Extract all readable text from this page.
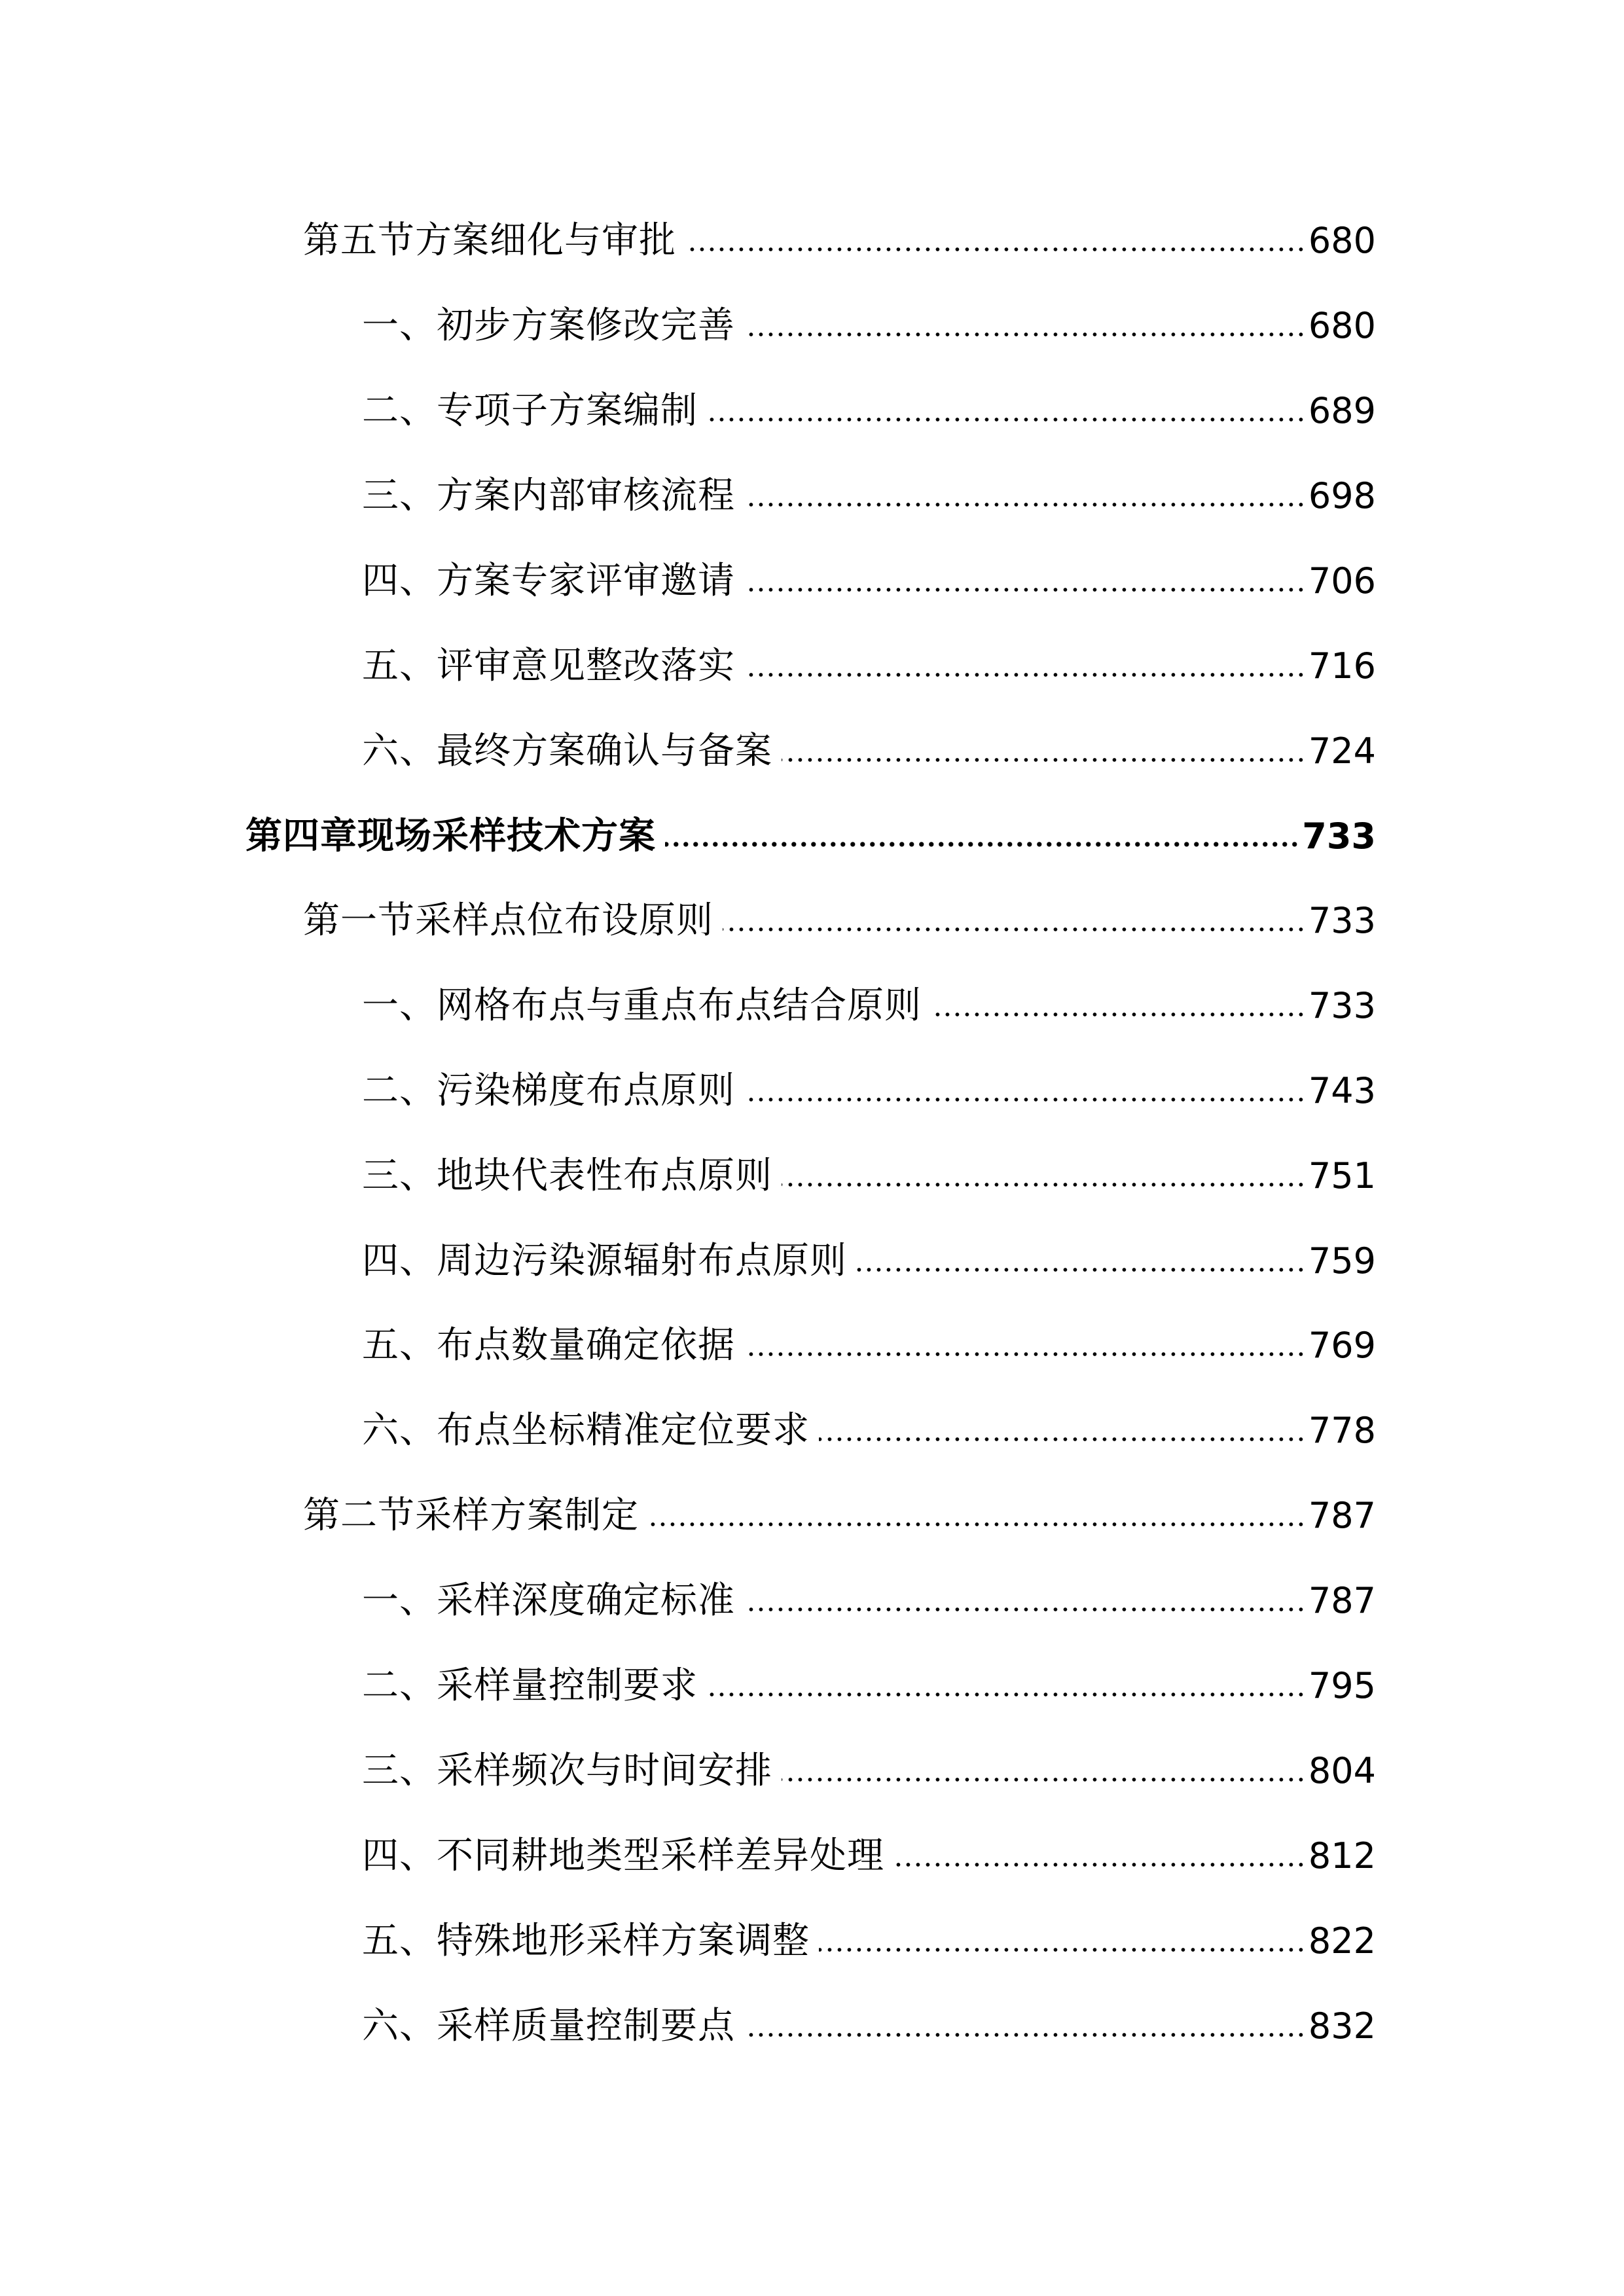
第五节方案细化与审批	680
一、初步方案修改完善	680
二、专项子方案编制	689
三、方案内部审核流程	698
四、方案专家评审邀请	706
五、评审意见整改落实	716
六、最终方案确认与备案	724
第四章现场采样技术方案	733
第一节采样点位布设原则	733
一、网格布点与重点布点结合原则	733
二、污染梯度布点原则	743
三、地块代表性布点原则	751
四、周边污染源辐射布点原则	759
五、布点数量确定依据	769
六、布点坐标精准定位要求	778
第二节采样方案制定	787
一、采样深度确定标准	787
二、采样量控制要求	795
三、采样频次与时间安排	804
四、不同耕地类型采样差异处理	812
五、特殊地形采样方案调整	822
六、采样质量控制要点	832
